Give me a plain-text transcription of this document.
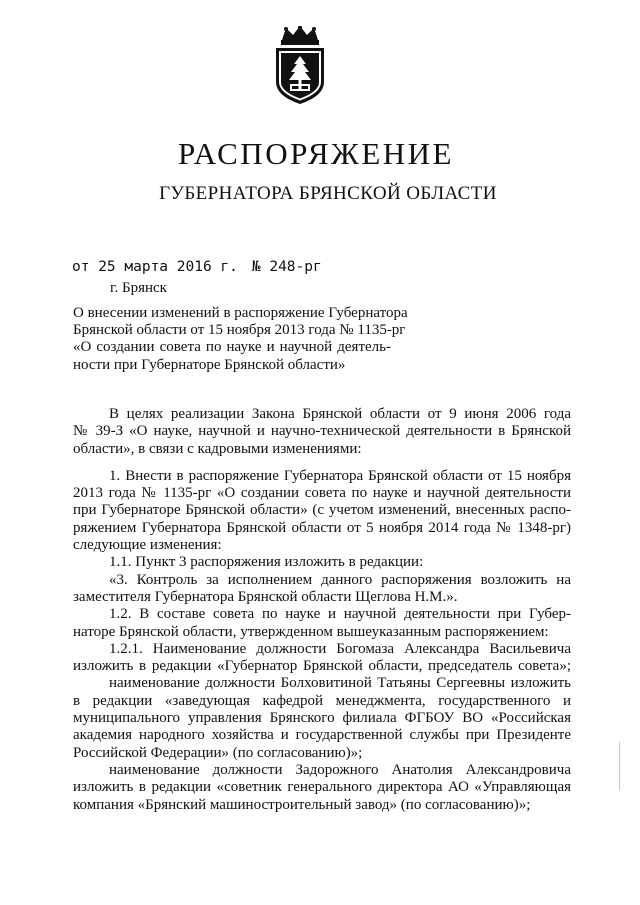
РАСПОРЯЖЕНИЕ
ГУБЕРНАТОРА БРЯНСКОЙ ОБЛАСТИ
от 25 марта 2016 г. № 248-рг
г. Брянск
О внесении изменений в распоряжение Губернатора
Брянской области от 15 ноября 2013 года № 1135-рг
«О создании совета по науке и научной деятель-
ности при Губернаторе Брянской области»
В целях реализации Закона Брянской области от 9 июня 2006 года
№ 39-З «О науке, научной и научно-технической деятельности в Брянской
области», в связи с кадровыми изменениями:
1. Внести в распоряжение Губернатора Брянской области от 15 ноября
2013 года № 1135-рг «О создании совета по науке и научной деятельности
при Губернаторе Брянской области» (с учетом изменений, внесенных распо-
ряжением Губернатора Брянской области от 5 ноября 2014 года № 1348-рг)
следующие изменения:
1.1. Пункт 3 распоряжения изложить в редакции:
«3. Контроль за исполнением данного распоряжения возложить на
заместителя Губернатора Брянской области Щеглова Н.М.».
1.2. В составе совета по науке и научной деятельности при Губер-
наторе Брянской области, утвержденном вышеуказанным распоряжением:
1.2.1. Наименование должности Богомаза Александра Васильевича
изложить в редакции «Губернатор Брянской области, председатель совета»;
наименование должности Болховитиной Татьяны Сергеевны изложить
в редакции «заведующая кафедрой менеджмента, государственного и
муниципального управления Брянского филиала ФГБОУ ВО «Российская
академия народного хозяйства и государственной службы при Президенте
Российской Федерации» (по согласованию)»;
наименование должности Задорожного Анатолия Александровича
изложить в редакции «советник генерального директора АО «Управляющая
компания «Брянский машиностроительный завод» (по согласованию)»;
